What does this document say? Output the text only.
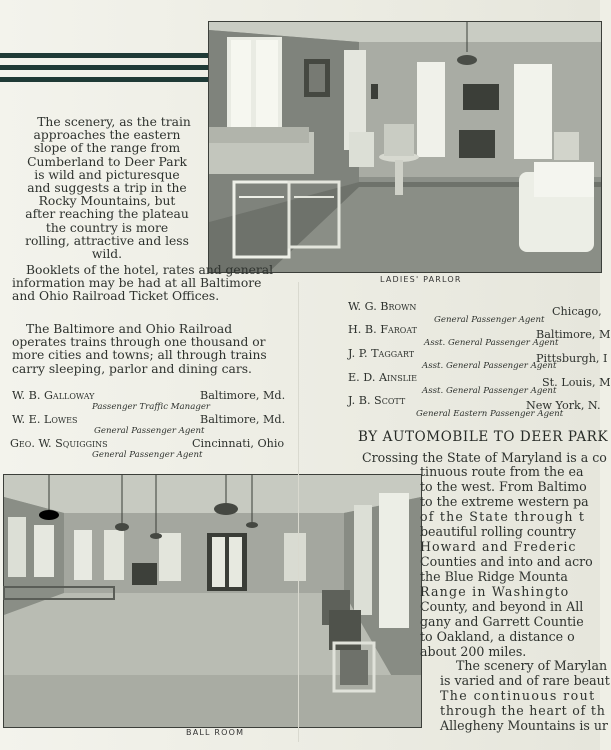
LADIES' PARLOR

The scenery, as the train approaches the eastern slope of the range from Cumberland to Deer Park is wild and picturesque and suggests a trip in the Rocky Mountains, but after reaching the plateau the country is more rolling, attractive and less wild.

Booklets of the hotel, rates and general information may be had at all Baltimore and Ohio Railroad Ticket Offices.

The Baltimore and Ohio Railroad operates trains through one thousand or more cities and towns; all through trains carry sleeping, parlor and dining cars.

W. B. Galloway	Baltimore, Md.
Passenger Traffic Manager
W. E. Lowes	Baltimore, Md.
General Passenger Agent
Geo. W. Squiggins	Cincinnati, Ohio
General Passenger Agent
BALL ROOM
W. G. Brown	Chicago,
General Passenger Agent
H. B. Faroat	Baltimore, M
Asst. General Passenger Agent
J. P. Taggart	Pittsburgh, I
Asst. General Passenger Agent
E. D. Ainslie	St. Louis, M
Asst. General Passenger Agent
J. B. Scott	New York, N.
General Eastern Passenger Agent
BY AUTOMOBILE TO DEER PARK
Crossing the State of Maryland is a co
tinuous route from the ea
to the west. From Baltimo
to the extreme western pa
of the State through t
beautiful rolling country
Howard and Frederic
Counties and into and acro
the Blue Ridge Mounta
Range in Washingto
County, and beyond in All
gany and Garrett Countie
to Oakland, a distance o
about 200 miles.
The scenery of Marylan
is varied and of rare beaut
The continuous rout
through the heart of th
Allegheny Mountains is ur
